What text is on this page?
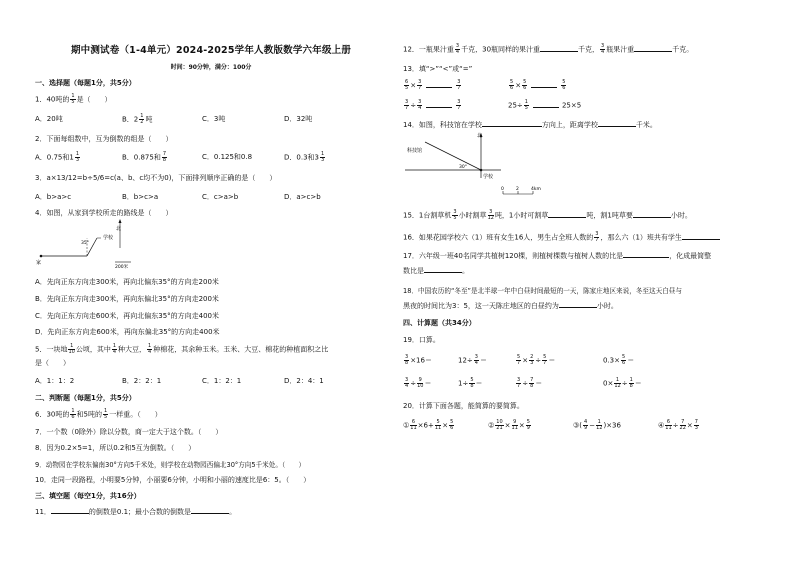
期中测试卷（1-4单元）2024-2025学年人教版数学六年级上册
时间：90分钟，满分：100分
一、选择题（每题1分，共5分）
1．40吨的 $\frac{1}{5}$ 是（　　）
A．20吨	B．$2 \frac{1}{2}$ 吨	C．3吨	D．32吨
2．下面每组数中，互为倒数的组是（　　）
A．0.75和$1 \frac{1}{3}$	B．0.875和 $\frac{7}{8}$	C．0.125和0.8	D．0.3和$3 \frac{1}{3}$
3．a×13/12=b÷5/6=c(a、b、c均不为0)，下面排列顺序正确的是（　　）
A．b>a>c	B．b>c>a	C．c>a>b	D．a>c>b
4．如图，从家到学校所走的路线是（　　）
家
学校
35°
北
200米
A．先向正东方向走300米，再向北偏东35°的方向走200米
B．先向正东方向走300米，再向东偏北35°的方向走200米
C．先向正东方向走600米，再向北偏东35°的方向走400米
D．先向正东方向走600米，再向东偏北35°的方向走400米
5．一块地 $\frac{1}{10}$ 公顷，其中 $\frac{1}{4}$ 种大豆， $\frac{1}{4}$ 种棉花，其余种玉米。玉米、大豆、棉花的种植面积之比
是（　　）
A．1：1：2	B．2：2：1	C．1：2：1	D．2：4：1
二、判断题（每题1分，共5分）
6．30吨的 $\frac{1}{6}$ 和5吨的 $\frac{1}{5}$ 一样重。（　　）
7．一个数（0除外）除以分数，商一定大于这个数。（　　）
8．因为0.2×5=1，所以0.2和5互为倒数。（　　）
9．动物园在学校东偏南30°方向5千米处，则学校在动物园西偏北30°方向5千米处。（　　）
10．走同一段路程，小明要5分钟，小丽要6分钟，小明和小丽的速度比是6：5。（　　）
三、填空题（每空1分，共16分）
11．	的倒数是0.1；最小合数的倒数是	。
12．一瓶果汁重 $\frac{3}{4}$ 千克，30瓶同样的果汁重	千克， $\frac{3}{4}$ 瓶果汁重	千克。
13．填“>”“<”或“=”
$\frac{6}{5} \times \frac{3}{7}$	$\frac{3}{7}$	$\frac{5}{6} \times \frac{5}{6}$	$\frac{5}{6}$
$\frac{3}{7} \div \frac{3}{4}$	$\frac{3}{7}$	$25\div \frac{1}{5}$	25×5
14．如图，科技馆在学校	方向上，距离学校	千米。
北
科技馆
30°
学校
0	2	4km
15．1台割草机 $\frac{3}{5}$ 小时割草 $\frac{3}{12}$ 吨，1小时可割草	吨，割1吨草要	小时。
16．如果花园学校六（1）班有女生16人，男生占全班人数的 $\frac{3}{7}$ ，那么六（1）班共有学生
17．六年级一班40名同学共植树120棵，则植树棵数与植树人数的比是	，化成最简整
数比是	。
18．中国农历的“冬至”是北半球一年中白昼时间最短的一天，陈家庄地区来说，冬至这天白昼与
黑夜的时间比为3：5，这一天陈庄地区的白昼约为	小时。
四、计算题（共34分）
19．口算。
$\frac{3}{8} \times 16=$	$12\div \frac{3}{4}$ ＝	$\frac{5}{7} \times \frac{2}{3} \div \frac{5}{7}$ ＝	$0.3\times \frac{5}{6}$ ＝
$\frac{3}{4} \div \frac{9}{10}$ ＝	$1\div \frac{5}{8}$ ＝	$\frac{3}{7} \div \frac{7}{8}$ ＝	$0\times \frac{1}{12} \div \frac{1}{8}$ ＝
20．计算下面各题，能简算的要简算。
① $\frac{6}{11} \times 6+ \frac{5}{11} \times \frac{5}{6}$	② $\frac{10}{21} \times \frac{9}{11} \times \frac{5}{9}$	③( $\frac{4}{9} - \frac{1}{12} )\times 36$	④ $\frac{6}{11} \div \frac{7}{22} \times \frac{7}{3}$
